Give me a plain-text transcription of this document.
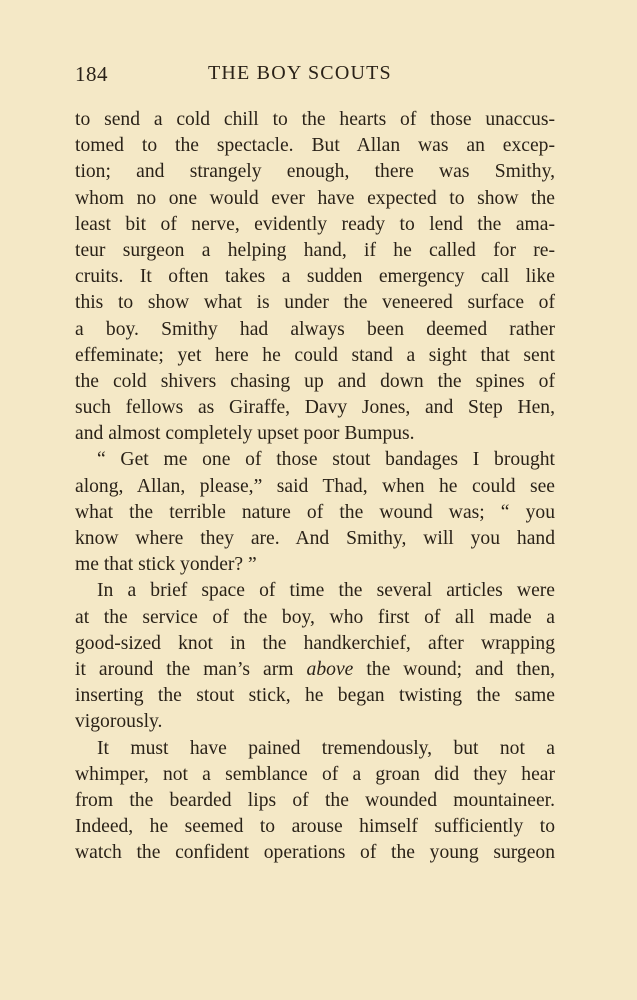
184	THE BOY SCOUTS
to send a cold chill to the hearts of those unaccus-
tomed to the spectacle. But Allan was an excep-
tion; and strangely enough, there was Smithy,
whom no one would ever have expected to show the
least bit of nerve, evidently ready to lend the ama-
teur surgeon a helping hand, if he called for re-
cruits. It often takes a sudden emergency call like
this to show what is under the veneered surface of
a boy. Smithy had always been deemed rather
effeminate; yet here he could stand a sight that sent
the cold shivers chasing up and down the spines of
such fellows as Giraffe, Davy Jones, and Step Hen,
and almost completely upset poor Bumpus.
“ Get me one of those stout bandages I brought
along, Allan, please,” said Thad, when he could see
what the terrible nature of the wound was; “ you
know where they are. And Smithy, will you hand
me that stick yonder? ”
In a brief space of time the several articles were
at the service of the boy, who first of all made a
good-sized knot in the handkerchief, after wrapping
it around the man’s arm above the wound; and then,
inserting the stout stick, he began twisting the same
vigorously.
It must have pained tremendously, but not a
whimper, not a semblance of a groan did they hear
from the bearded lips of the wounded mountaineer.
Indeed, he seemed to arouse himself sufficiently to
watch the confident operations of the young surgeon
